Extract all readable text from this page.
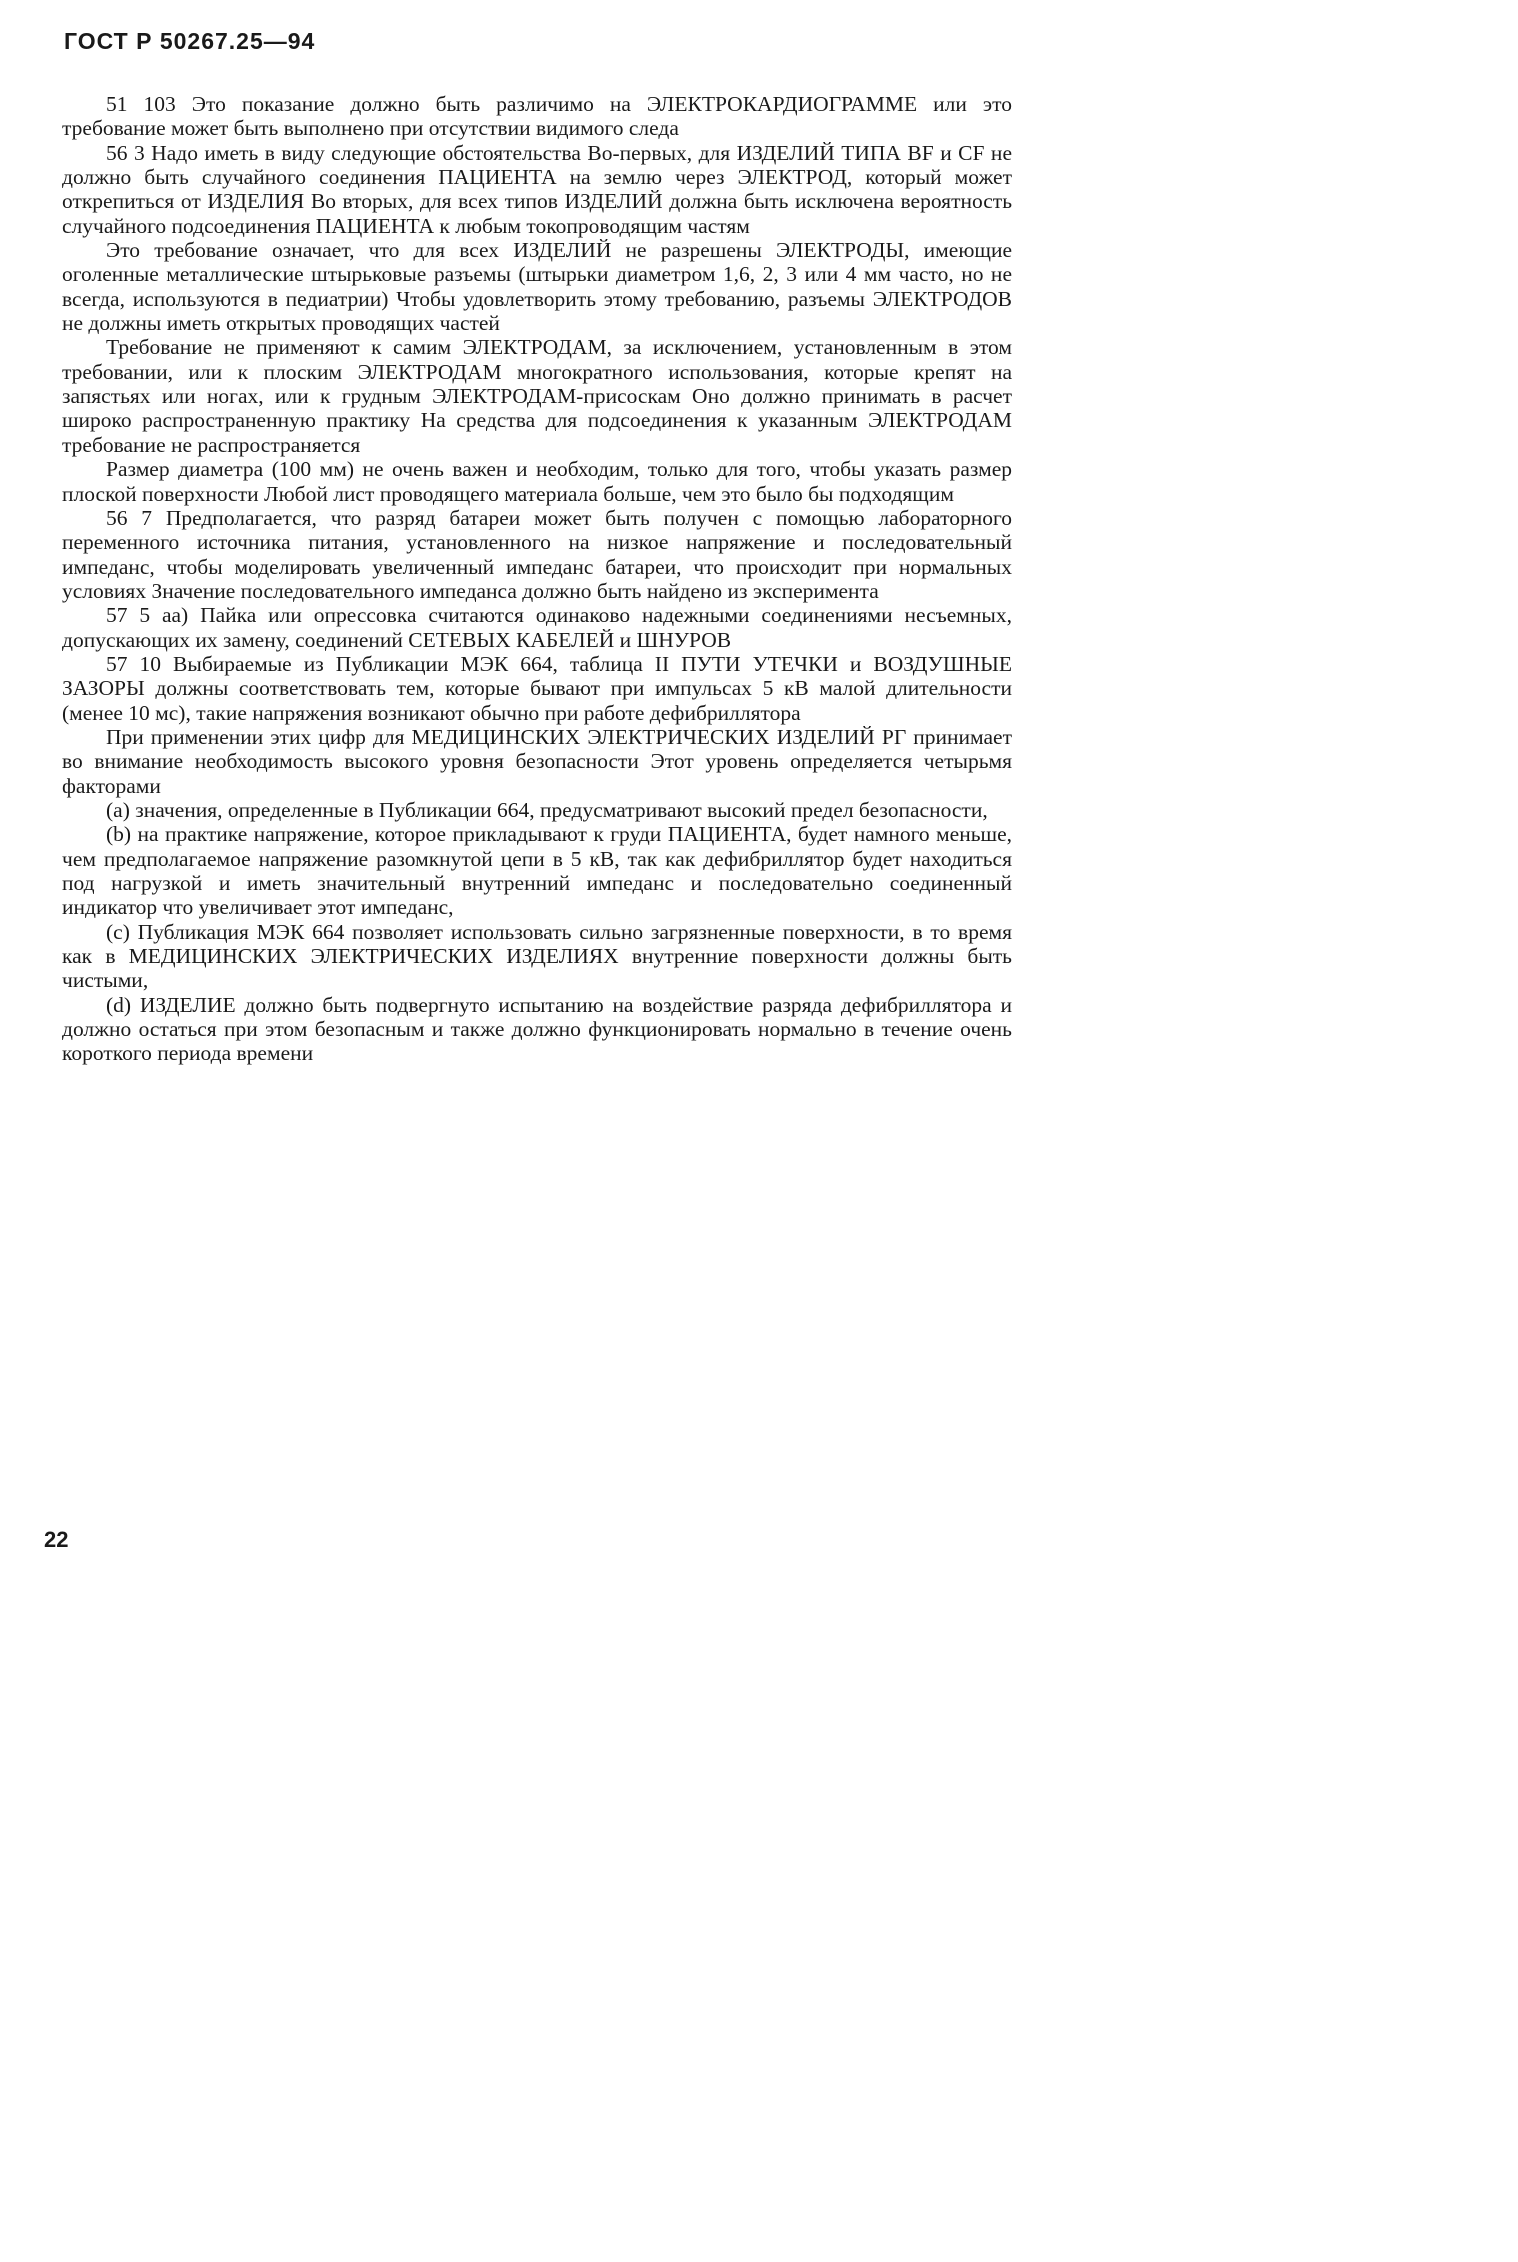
ГОСТ Р 50267.25—94

51 103 Это показание должно быть различимо на ЭЛЕКТРОКАРДИОГРАММЕ или это требование может быть выполнено при отсутствии видимого следа

56 3 Надо иметь в виду следующие обстоятельства Во-первых, для ИЗДЕЛИЙ ТИПА BF и CF не должно быть случайного соединения ПАЦИЕНТА на землю через ЭЛЕКТРОД, который может открепиться от ИЗДЕЛИЯ Во вторых, для всех типов ИЗДЕЛИЙ должна быть исключена вероятность случайного подсоединения ПАЦИЕНТА к любым токопроводящим частям

Это требование означает, что для всех ИЗДЕЛИЙ не разрешены ЭЛЕКТРОДЫ, имеющие оголенные металлические штырьковые разъемы (штырьки диаметром 1,6, 2, 3 или 4 мм часто, но не всегда, используются в педиатрии) Чтобы удовлетворить этому требованию, разъемы ЭЛЕКТРОДОВ не должны иметь открытых проводящих частей

Требование не применяют к самим ЭЛЕКТРОДАМ, за исключением, установленным в этом требовании, или к плоским ЭЛЕКТРОДАМ многократного использования, которые крепят на запястьях или ногах, или к грудным ЭЛЕКТРОДАМ-присоскам Оно должно принимать в расчет широко распространенную практику На средства для подсоединения к указанным ЭЛЕКТРОДАМ требование не распространяется

Размер диаметра (100 мм) не очень важен и необходим, только для того, чтобы указать размер плоской поверхности Любой лист проводящего материала больше, чем это было бы подходящим

56 7 Предполагается, что разряд батареи может быть получен с помощью лабораторного переменного источника питания, установленного на низкое напряжение и последовательный импеданс, чтобы моделировать увеличенный импеданс батареи, что происходит при нормальных условиях Значение последовательного импеданса должно быть найдено из эксперимента

57 5 аа) Пайка или опрессовка считаются одинаково надежными соединениями несъемных, допускающих их замену, соединений СЕТЕВЫХ КАБЕЛЕЙ и ШНУРОВ

57 10 Выбираемые из Публикации МЭК 664, таблица II ПУТИ УТЕЧКИ и ВОЗДУШНЫЕ ЗАЗОРЫ должны соответствовать тем, которые бывают при импульсах 5 кВ малой длительности (менее 10 мс), такие напряжения возникают обычно при работе дефибриллятора

При применении этих цифр для МЕДИЦИНСКИХ ЭЛЕКТРИЧЕСКИХ ИЗДЕЛИЙ РГ принимает во внимание необходимость высокого уровня безопасности Этот уровень определяется четырьмя факторами

(а) значения, определенные в Публикации 664, предусматривают высокий предел безопасности,

(b) на практике напряжение, которое прикладывают к груди ПАЦИЕНТА, будет намного меньше, чем предполагаемое напряжение разомкнутой цепи в 5 кВ, так как дефибриллятор будет находиться под нагрузкой и иметь значительный внутренний импеданс и последовательно соединенный индикатор что увеличивает этот импеданс,

(с) Публикация МЭК 664 позволяет использовать сильно загрязненные поверхности, в то время как в МЕДИЦИНСКИХ ЭЛЕКТРИЧЕСКИХ ИЗДЕЛИЯХ внутренние поверхности должны быть чистыми,

(d) ИЗДЕЛИЕ должно быть подвергнуто испытанию на воздействие разряда дефибриллятора и должно остаться при этом безопасным и также должно функционировать нормально в течение очень короткого периода времени

22
